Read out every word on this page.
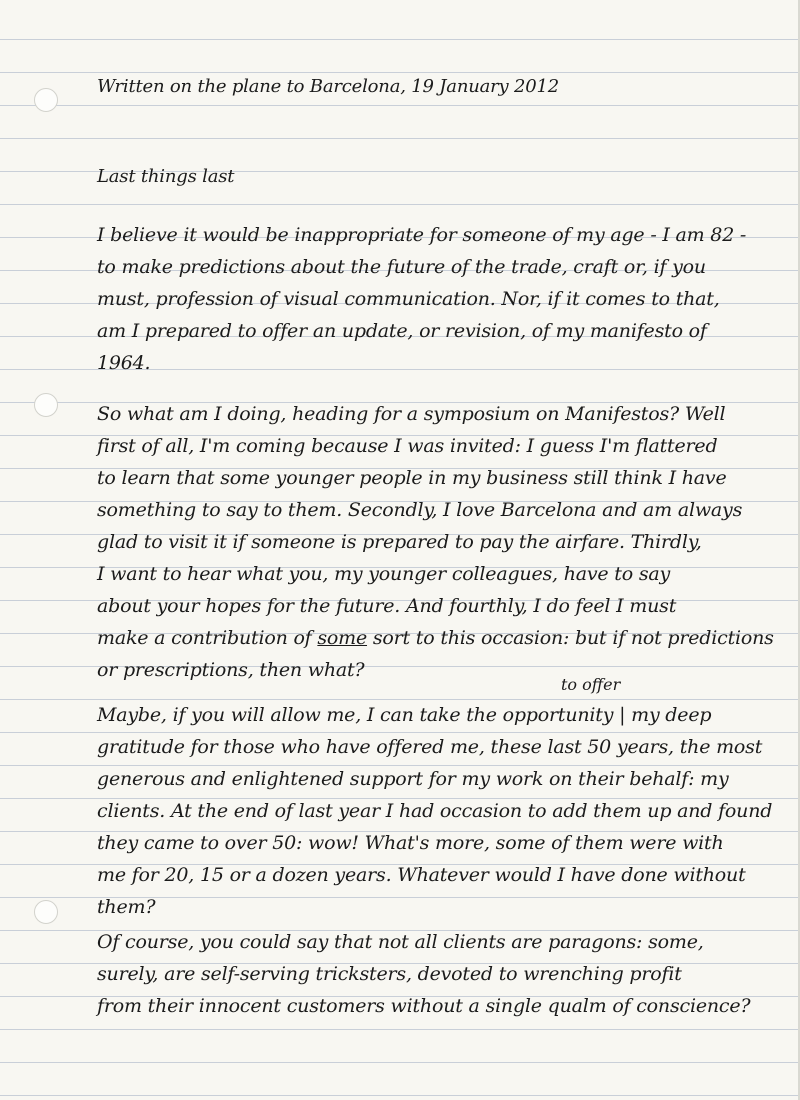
Written on the plane to Barcelona, 19 January 2012

Last things last

I believe it would be inappropriate for someone of my age - I am 82 -
to make predictions about the future of the trade, craft or, if you
must, profession of visual communication. Nor, if it comes to that,
am I prepared to offer an update, or revision, of my manifesto of
1964.
So what am I doing, heading for a symposium on Manifestos? Well
first of all, I'm coming because I was invited: I guess I'm flattered
to learn that some younger people in my business still think I have
something to say to them. Secondly, I love Barcelona and am always
glad to visit it if someone is prepared to pay the airfare. Thirdly,
I want to hear what you, my younger colleagues, have to say
about your hopes for the future. And fourthly, I do feel I must
make a contribution of some sort to this occasion: but if not predictions
or prescriptions, then what?

to offer

Maybe, if you will allow me, I can take the opportunity | my deep
gratitude for those who have offered me, these last 50 years, the most
generous and enlightened support for my work on their behalf: my
clients. At the end of last year I had occasion to add them up and found
they came to over 50: wow! What's more, some of them were with
me for 20, 15 or a dozen years. Whatever would I have done without
them?
Of course, you could say that not all clients are paragons: some,
surely, are self-serving tricksters, devoted to wrenching profit
from their innocent customers without a single qualm of conscience?
